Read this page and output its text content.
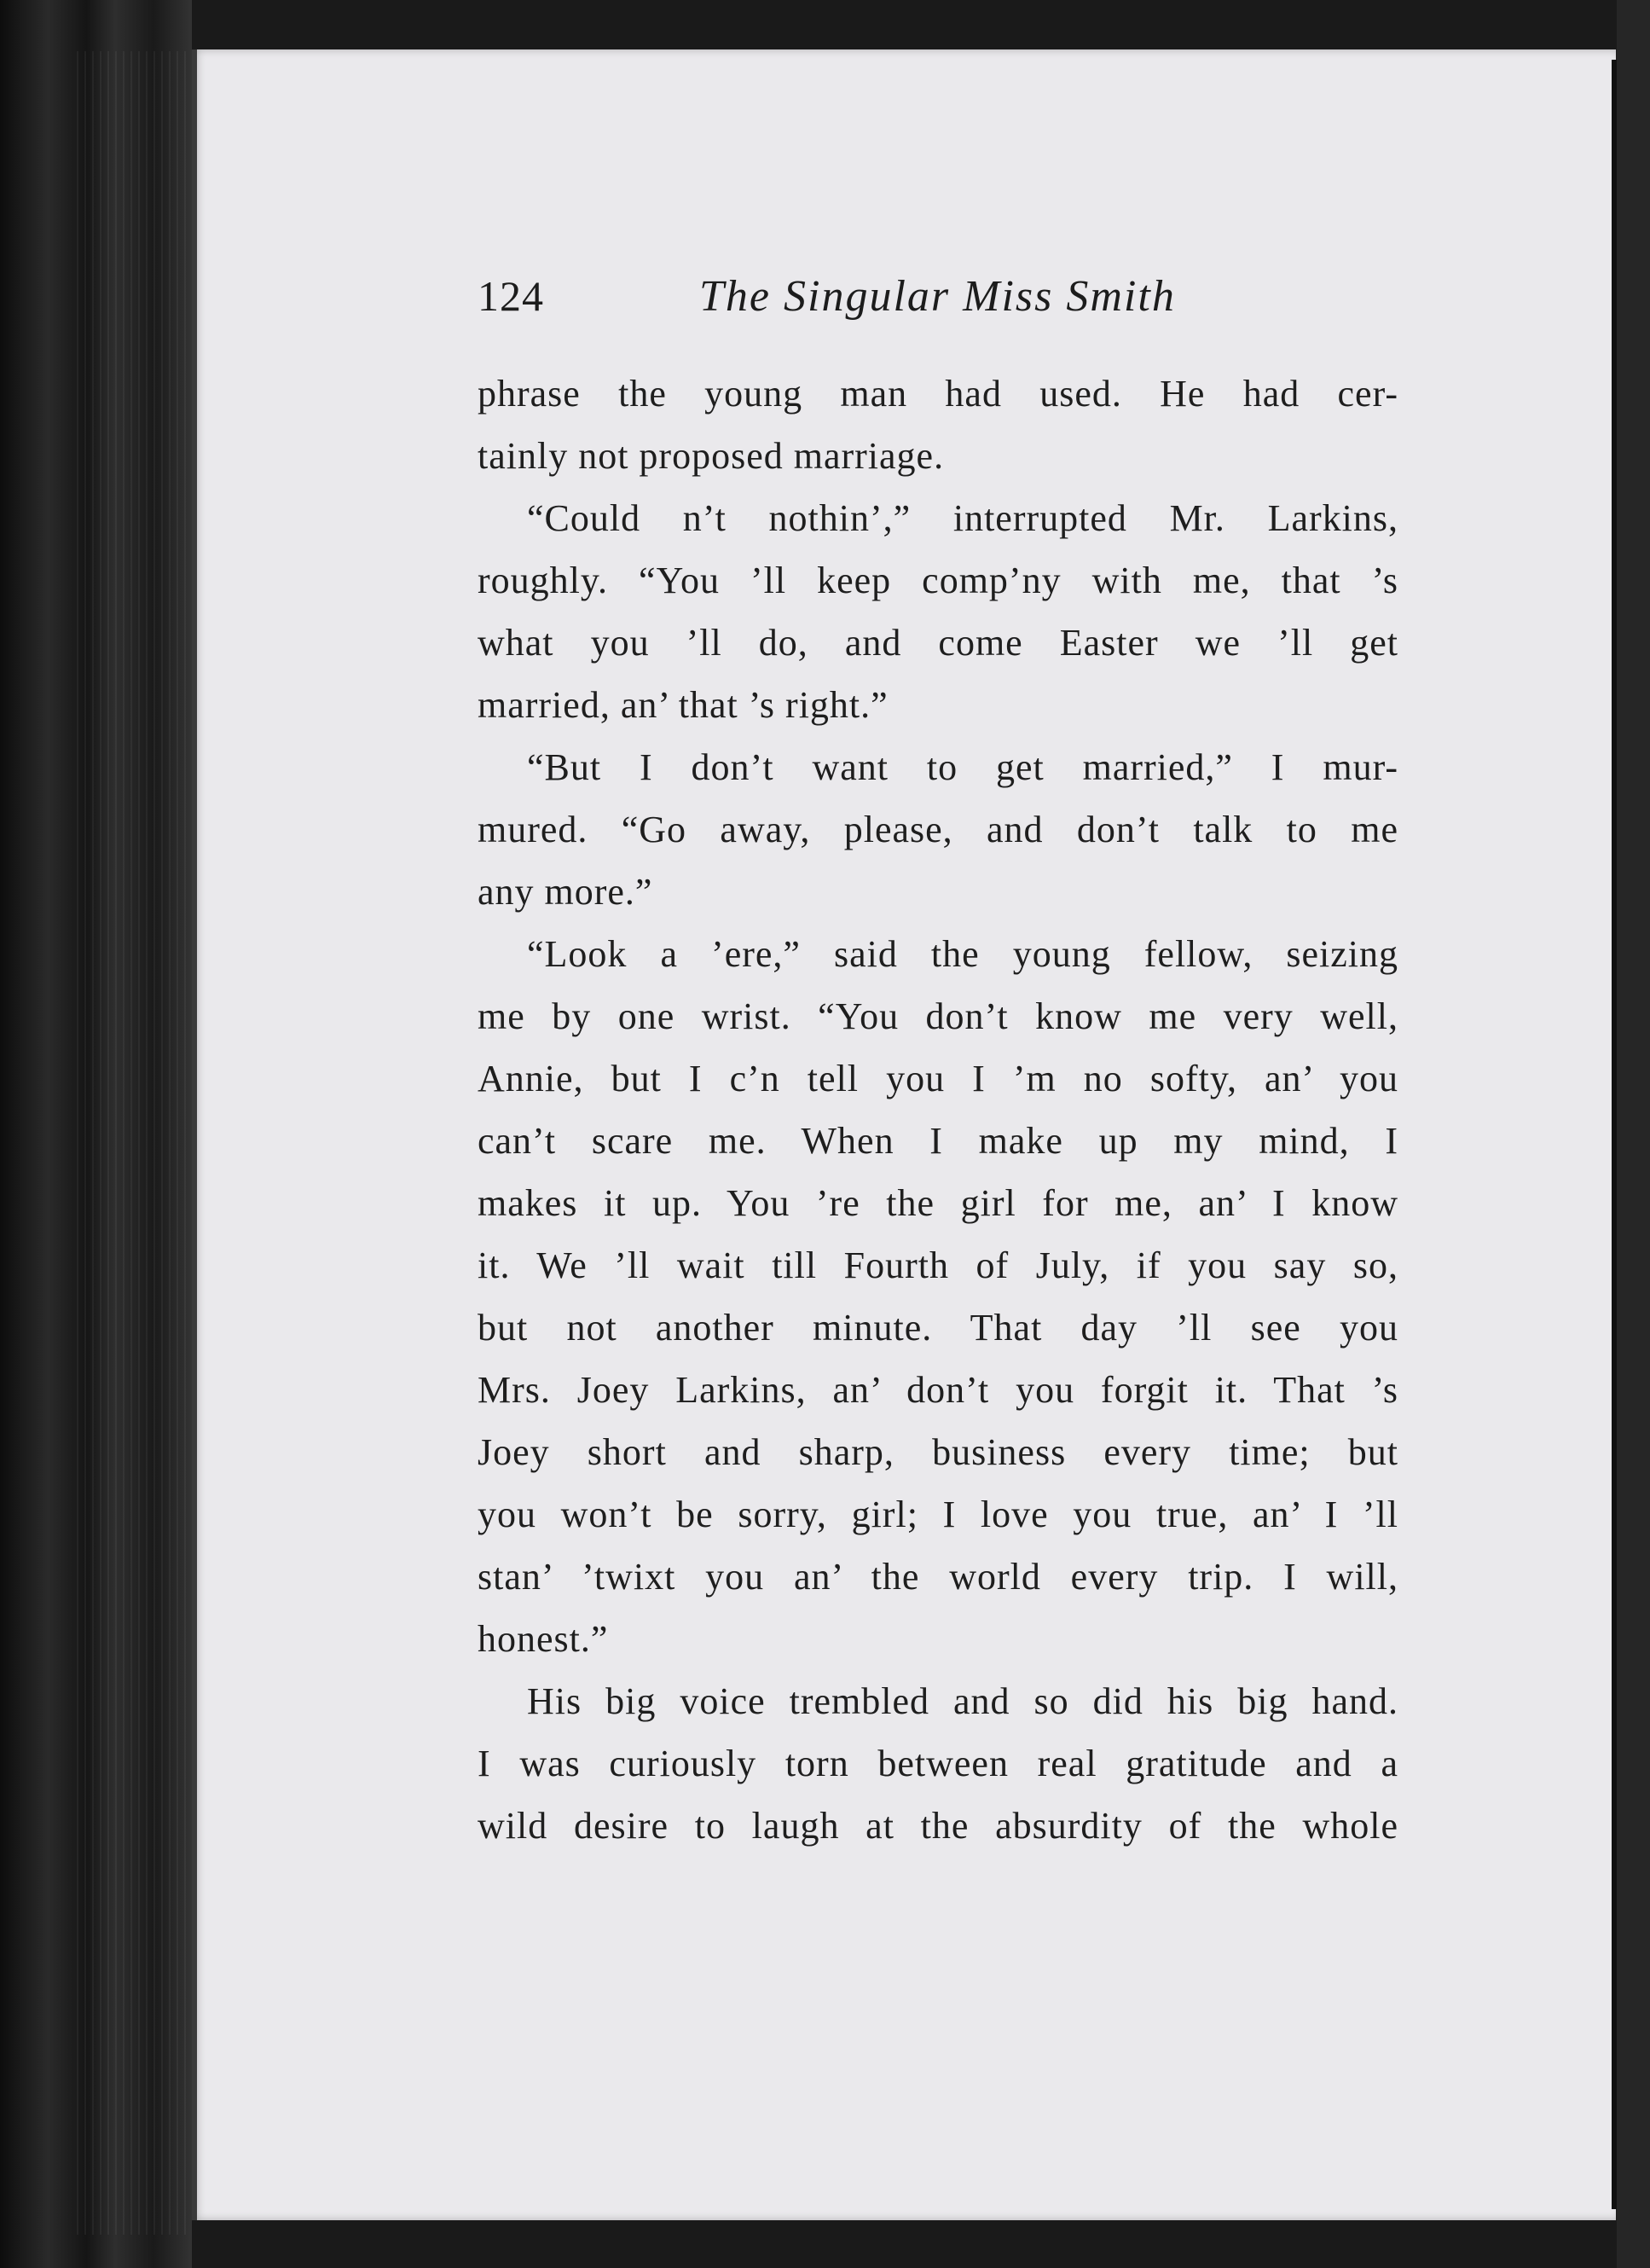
124	The Singular Miss Smith
phrase the young man had used. He had cer-
tainly not proposed marriage.
“Could n’t nothin’,” interrupted Mr. Larkins,
roughly. “You ’ll keep comp’ny with me, that ’s
what you ’ll do, and come Easter we ’ll get
married, an’ that ’s right.”
“But I don’t want to get married,” I mur-
mured. “Go away, please, and don’t talk to me
any more.”
“Look a ’ere,” said the young fellow, seizing
me by one wrist. “You don’t know me very well,
Annie, but I c’n tell you I ’m no softy, an’ you
can’t scare me. When I make up my mind, I
makes it up. You ’re the girl for me, an’ I know
it. We ’ll wait till Fourth of July, if you say so,
but not another minute. That day ’ll see you
Mrs. Joey Larkins, an’ don’t you forgit it. That ’s
Joey short and sharp, business every time; but
you won’t be sorry, girl; I love you true, an’ I ’ll
stan’ ’twixt you an’ the world every trip. I will,
honest.”
His big voice trembled and so did his big hand.
I was curiously torn between real gratitude and a
wild desire to laugh at the absurdity of the whole
